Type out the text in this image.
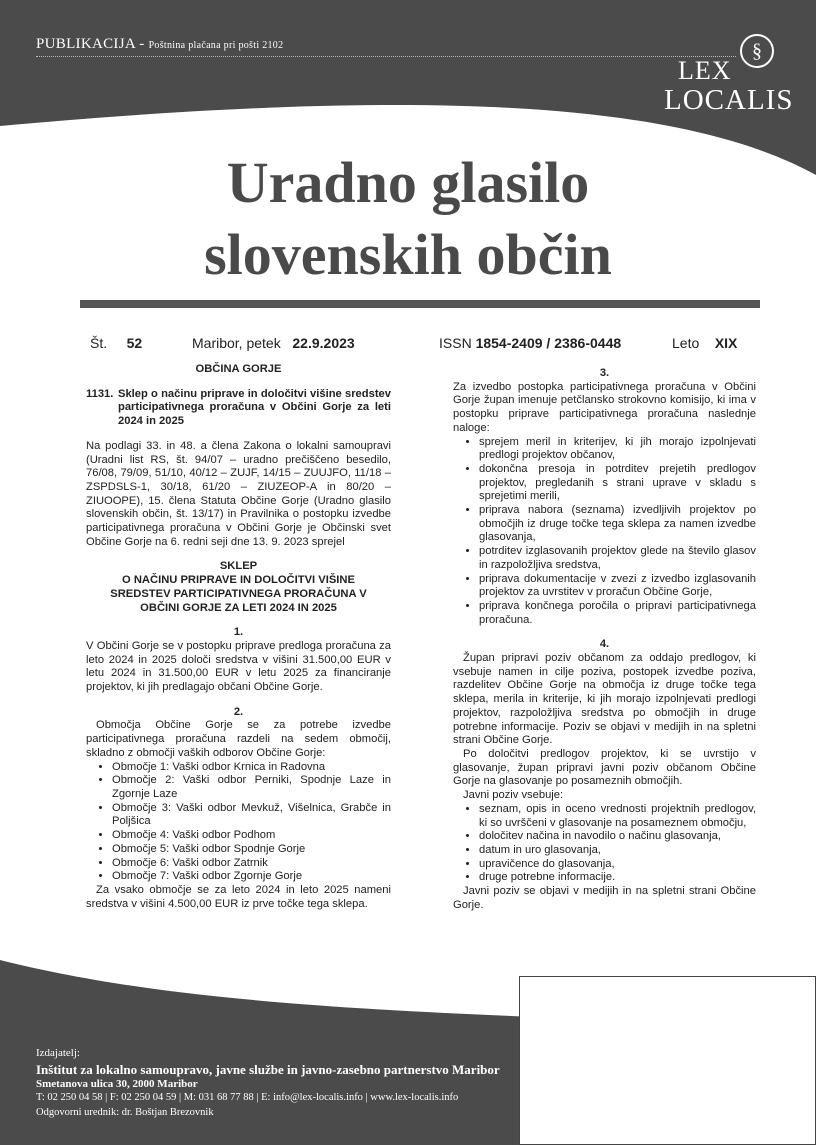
PUBLIKACIJA - Poštnina plačana pri pošti 2102	§
LEX
LOCALIS
Uradno glasilo
slovenskih občin
Št. 52	Maribor, petek 22.9.2023	ISSN 1854-2409 / 2386-0448	Leto XIX

OBČINA GORJE

1131. Sklep o načinu priprave in določitvi višine sredstev participativnega proračuna v Občini Gorje za leti 2024 in 2025

Na podlagi 33. in 48. a člena Zakona o lokalni samoupravi (Uradni list RS, št. 94/07 – uradno prečiščeno besedilo, 76/08, 79/09, 51/10, 40/12 – ZUJF, 14/15 – ZUUJFO, 11/18 – ZSPDSLS-1, 30/18, 61/20 – ZIUZEOP-A in 80/20 – ZIUOOPE), 15. člena Statuta Občine Gorje (Uradno glasilo slovenskih občin, št. 13/17) in Pravilnika o postopku izvedbe participativnega proračuna v Občini Gorje je Občinski svet Občine Gorje na 6. redni seji dne 13. 9. 2023 sprejel

SKLEP

O NAČINU PRIPRAVE IN DOLOČITVI VIŠINE SREDSTEV PARTICIPATIVNEGA PRORAČUNA V OBČINI GORJE ZA LETI 2024 IN 2025

1.

V Občini Gorje se v postopku priprave predloga proračuna za leto 2024 in 2025 določi sredstva v višini 31.500,00 EUR v letu 2024 in 31.500,00 EUR v letu 2025 za financiranje projektov, ki jih predlagajo občani Občine Gorje.

2.

Območja Občine Gorje se za potrebe izvedbe participativnega proračuna razdeli na sedem območij, skladno z območji vaških odborov Občine Gorje:

• Območje 1: Vaški odbor Krnica in Radovna
• Območje 2: Vaški odbor Perniki, Spodnje Laze in Zgornje Laze
• Območje 3: Vaški odbor Mevkuž, Višelnica, Grabče in Poljšica
• Območje 4: Vaški odbor Podhom
• Območje 5: Vaški odbor Spodnje Gorje
• Območje 6: Vaški odbor Zatrnik
• Območje 7: Vaški odbor Zgornje Gorje

Za vsako območje se za leto 2024 in leto 2025 nameni sredstva v višini 4.500,00 EUR iz prve točke tega sklepa.

3.

Za izvedbo postopka participativnega proračuna v Občini Gorje župan imenuje petčlansko strokovno komisijo, ki ima v postopku priprave participativnega proračuna naslednje naloge:

• sprejem meril in kriterijev, ki jih morajo izpolnjevati predlogi projektov občanov,
• dokončna presoja in potrditev prejetih predlogov projektov, pregledanih s strani uprave v skladu s sprejetimi merili,
• priprava nabora (seznama) izvedljivih projektov po območjih iz druge točke tega sklepa za namen izvedbe glasovanja,
• potrditev izglasovanih projektov glede na število glasov in razpoložljiva sredstva,
• priprava dokumentacije v zvezi z izvedbo izglasovanih projektov za uvrstitev v proračun Občine Gorje,
• priprava končnega poročila o pripravi participativnega proračuna.

4.

Župan pripravi poziv občanom za oddajo predlogov, ki vsebuje namen in cilje poziva, postopek izvedbe poziva, razdelitev Občine Gorje na območja iz druge točke tega sklepa, merila in kriterije, ki jih morajo izpolnjevati predlogi projektov, razpoložljiva sredstva po območjih in druge potrebne informacije. Poziv se objavi v medijih in na spletni strani Občine Gorje.

Po določitvi predlogov projektov, ki se uvrstijo v glasovanje, župan pripravi javni poziv občanom Občine Gorje na glasovanje po posameznih območjih.

Javni poziv vsebuje:

• seznam, opis in oceno vrednosti projektnih predlogov, ki so uvrščeni v glasovanje na posameznem območju,
• določitev načina in navodilo o načinu glasovanja,
• datum in uro glasovanja,
• upravičence do glasovanja,
• druge potrebne informacije.

Javni poziv se objavi v medijih in na spletni strani Občine Gorje.

Izdajatelj:
Inštitut za lokalno samoupravo, javne službe in javno-zasebno partnerstvo Maribor
Smetanova ulica 30, 2000 Maribor
T: 02 250 04 58 | F: 02 250 04 59 | M: 031 68 77 88 | E: info@lex-localis.info | www.lex-localis.info
Odgovorni urednik: dr. Boštjan Brezovnik
